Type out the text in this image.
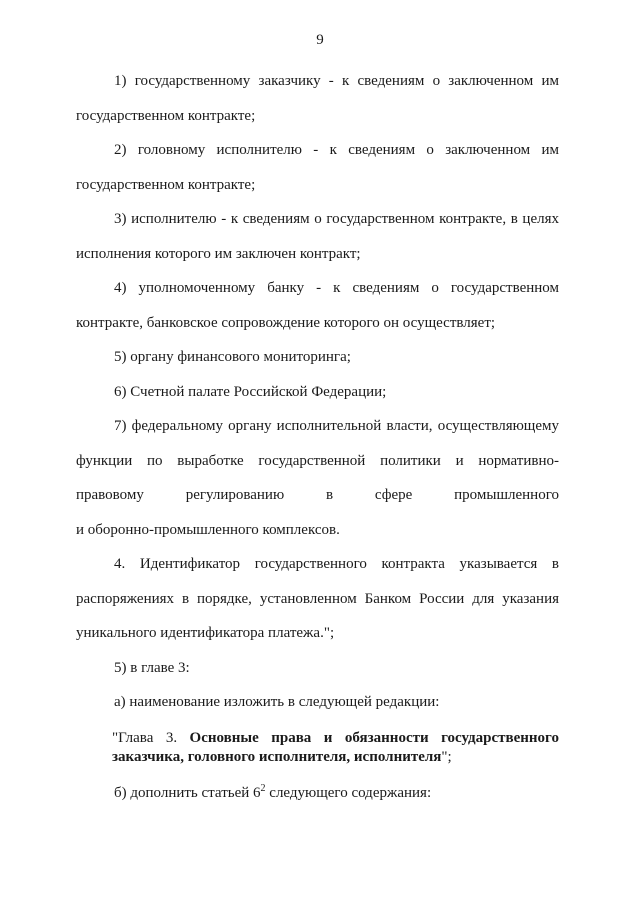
9

1) государственному заказчику - к сведениям о заключенном им государственном контракте;

2) головному исполнителю - к сведениям о заключенном им государственном контракте;

3) исполнителю - к сведениям о государственном контракте, в целях исполнения которого им заключен контракт;

4) уполномоченному банку - к сведениям о государственном контракте, банковское сопровождение которого он осуществляет;

5) органу финансового мониторинга;

6) Счетной палате Российской Федерации;

7) федеральному органу исполнительной власти, осуществляющему функции по выработке государственной политики и нормативно-правовому регулированию в сфере промышленного

и оборонно-промышленного комплексов.

4. Идентификатор государственного контракта указывается в распоряжениях в порядке, установленном Банком России для указания уникального идентификатора платежа.";

5) в главе 3:

а) наименование изложить в следующей редакции:

"Глава 3. Основные права и обязанности государственного заказчика, головного исполнителя, исполнителя";

б) дополнить статьей $6^2$ следующего содержания:
